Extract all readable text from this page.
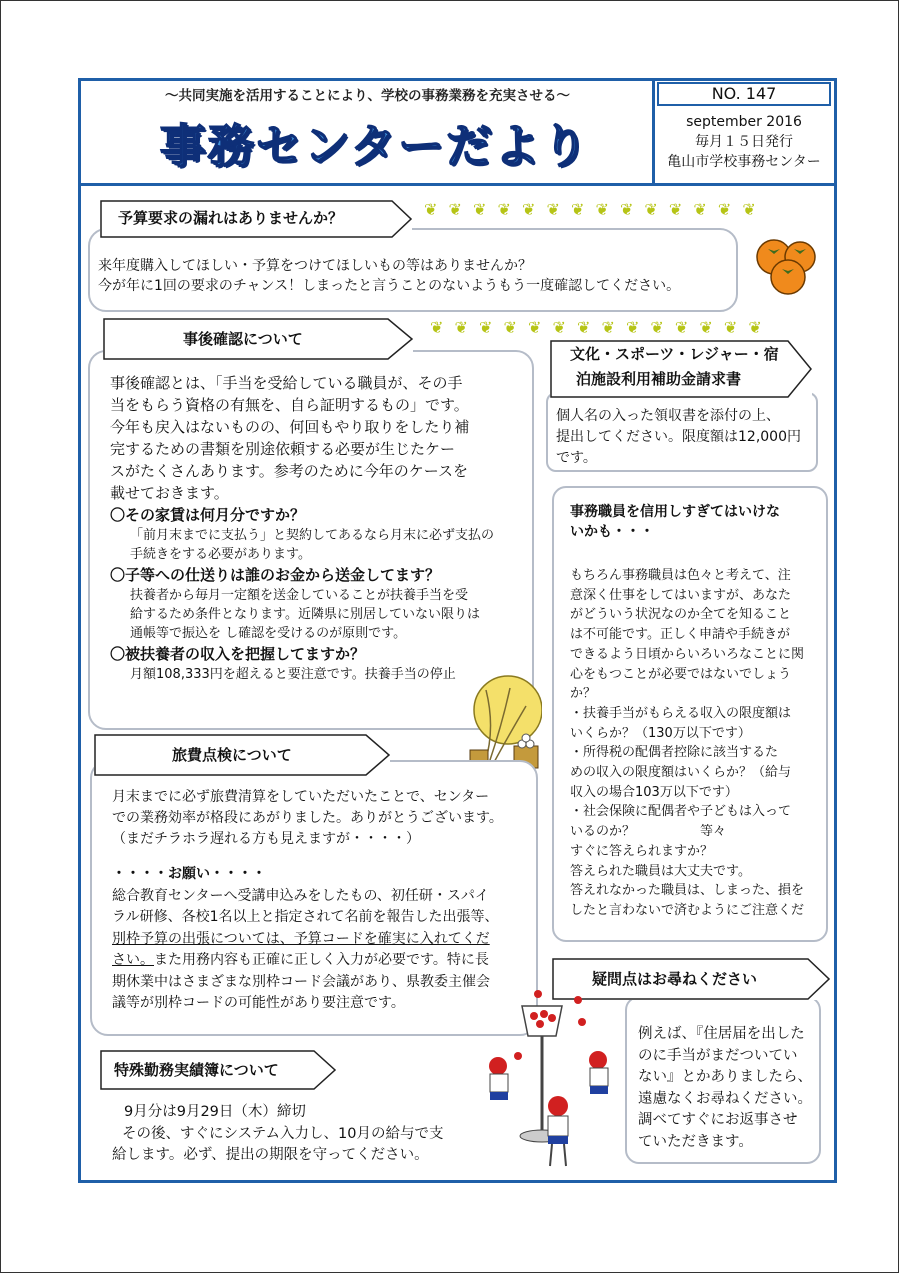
～共同実施を活用することにより、学校の事務業務を充実させる～
事務センターだより
NO. 147
september 2016
毎月１５日発行
亀山市学校事務センター
❦ ❦ ❦ ❦ ❦ ❦ ❦ ❦ ❦ ❦ ❦ ❦ ❦ ❦
❦ ❦ ❦ ❦ ❦ ❦ ❦ ❦ ❦ ❦ ❦ ❦ ❦ ❦
予算要求の漏れはありませんか？
来年度購入してほしい・予算をつけてほしいもの等はありませんか？
今が年に1回の要求のチャンス！しまったと言うことのないようもう一度確認してください。
事後確認について
事後確認とは、「手当を受給している職員が、その手
当をもらう資格の有無を、自ら証明するもの」です。
今年も戻入はないものの、何回もやり取りをしたり補
完するための書類を別途依頼する必要が生じたケー
スがたくさんあります。参考のために今年のケースを
載せておきます。
〇その家賃は何月分ですか？
「前月末までに支払う」と契約してあるなら月末に必ず支払の
手続きをする必要があります。
〇子等への仕送りは誰のお金から送金してます？
扶養者から毎月一定額を送金していることが扶養手当を受
給するため条件となります。近隣県に別居していない限りは
通帳等で振込を し確認を受けるのが原則です。
〇被扶養者の収入を把握してますか？
月額108,333円を超えると要注意です。扶養手当の停止
文化・スポーツ・レジャー・宿
泊施設利用補助金請求書
個人名の入った領収書を添付の上、
提出してください。限度額は12,000円
です。
事務職員を信用しすぎてはいけな
いかも・・・
もちろん事務職員は色々と考えて、注
意深く仕事をしてはいますが、あなた
がどういう状況なのか全てを知ること
は不可能です。正しく申請や手続きが
できるよう日頃からいろいろなことに関
心をもつことが必要ではないでしょう
か？
・扶養手当がもらえる収入の限度額は
いくらか？（130万以下です）
・所得税の配偶者控除に該当するた
めの収入の限度額はいくらか？（給与
収入の場合103万以下です）
・社会保険に配偶者や子どもは入って
いるのか？　　　　　等々
すぐに答えられますか？
答えられた職員は大丈夫です。
答えれなかった職員は、しまった、損を
したと言わないで済むようにご注意くだ
旅費点検について
月末までに必ず旅費清算をしていただいたことで、センター
での業務効率が格段にあがりました。ありがとうございます。
（まだチラホラ遅れる方も見えますが・・・・）
・・・・お願い・・・・
総合教育センターへ受講申込みをしたもの、初任研・スパイ
ラル研修、各校1名以上と指定されて名前を報告した出張等、
別枠予算の出張については、予算コードを確実に入れてくだ
さい。また用務内容も正確に正しく入力が必要です。特に長
期休業中はさまざまな別枠コード会議があり、県教委主催会
議等が別枠コードの可能性があり要注意です。
疑問点はお尋ねください
例えば、『住居届を出した
のに手当がまだついてい
ない』とかありましたら、
遠慮なくお尋ねください。
調べてすぐにお返事させ
ていただきます。
特殊勤務実績簿について
9月分は9月29日（木）締切
その後、すぐにシステム入力し、10月の給与で支
給します。必ず、提出の期限を守ってください。
